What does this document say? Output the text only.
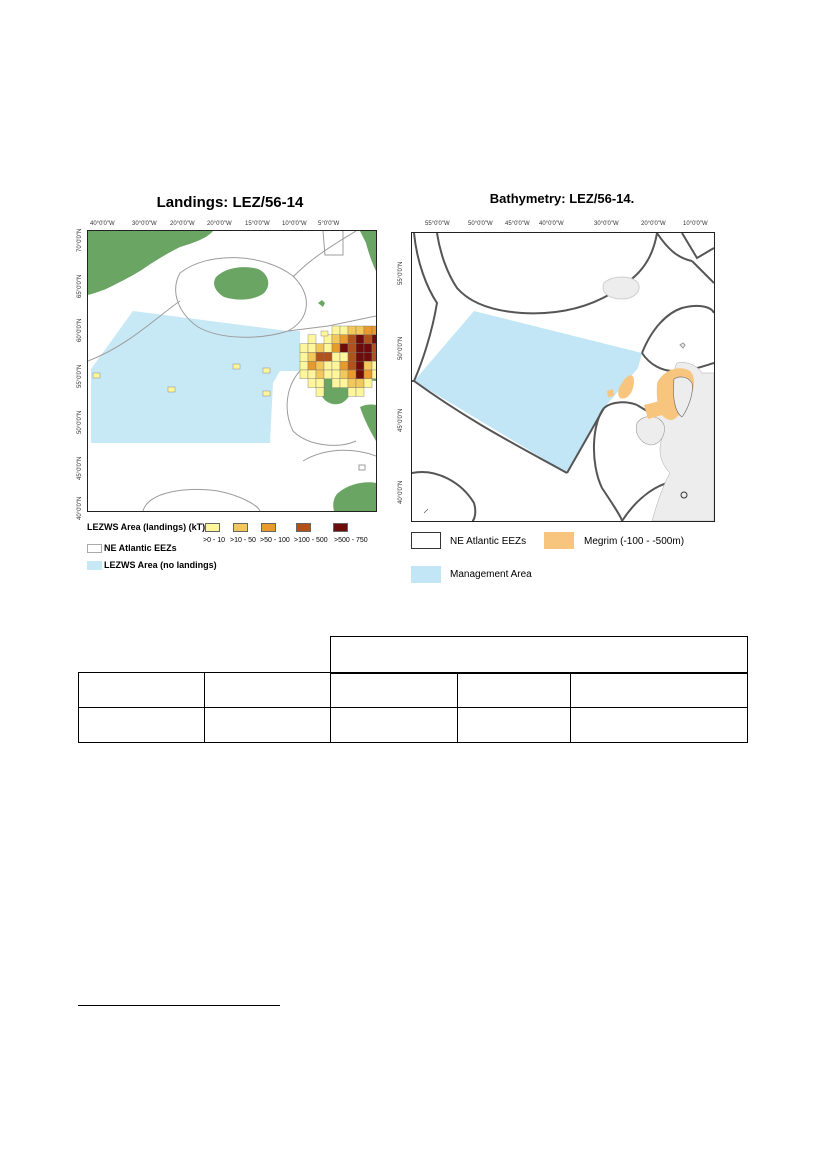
Landings: LEZ/56-14
40°0'0"W	30°0'0"W 20°0'0"W 20°0'0"W 15°0'0"W 10°0'0"W 5°0'0"W
70°0'0"N
65°0'0"N
60°0'0"N
55°0'0"N
50°0'0"N
45°0'0"N
40°0'0"N
LEZWS Area (landings) (kT)
>0 - 10 >10 - 50 >50 - 100 >100 - 500 >500 - 750
NE Atlantic EEZs
LEZWS Area (no landings)
Bathymetry: LEZ/56-14.
55°0'0"W	50°0'0"W 45°0'0"W 40°0'0"W	30°0'0"W	20°0'0"W	10°0'0"W
55°0'0"N
50°0'0"N
45°0'0"N
40°0'0"N
NE Atlantic EEZs	Megrim (-100 - -500m)
Management Area
